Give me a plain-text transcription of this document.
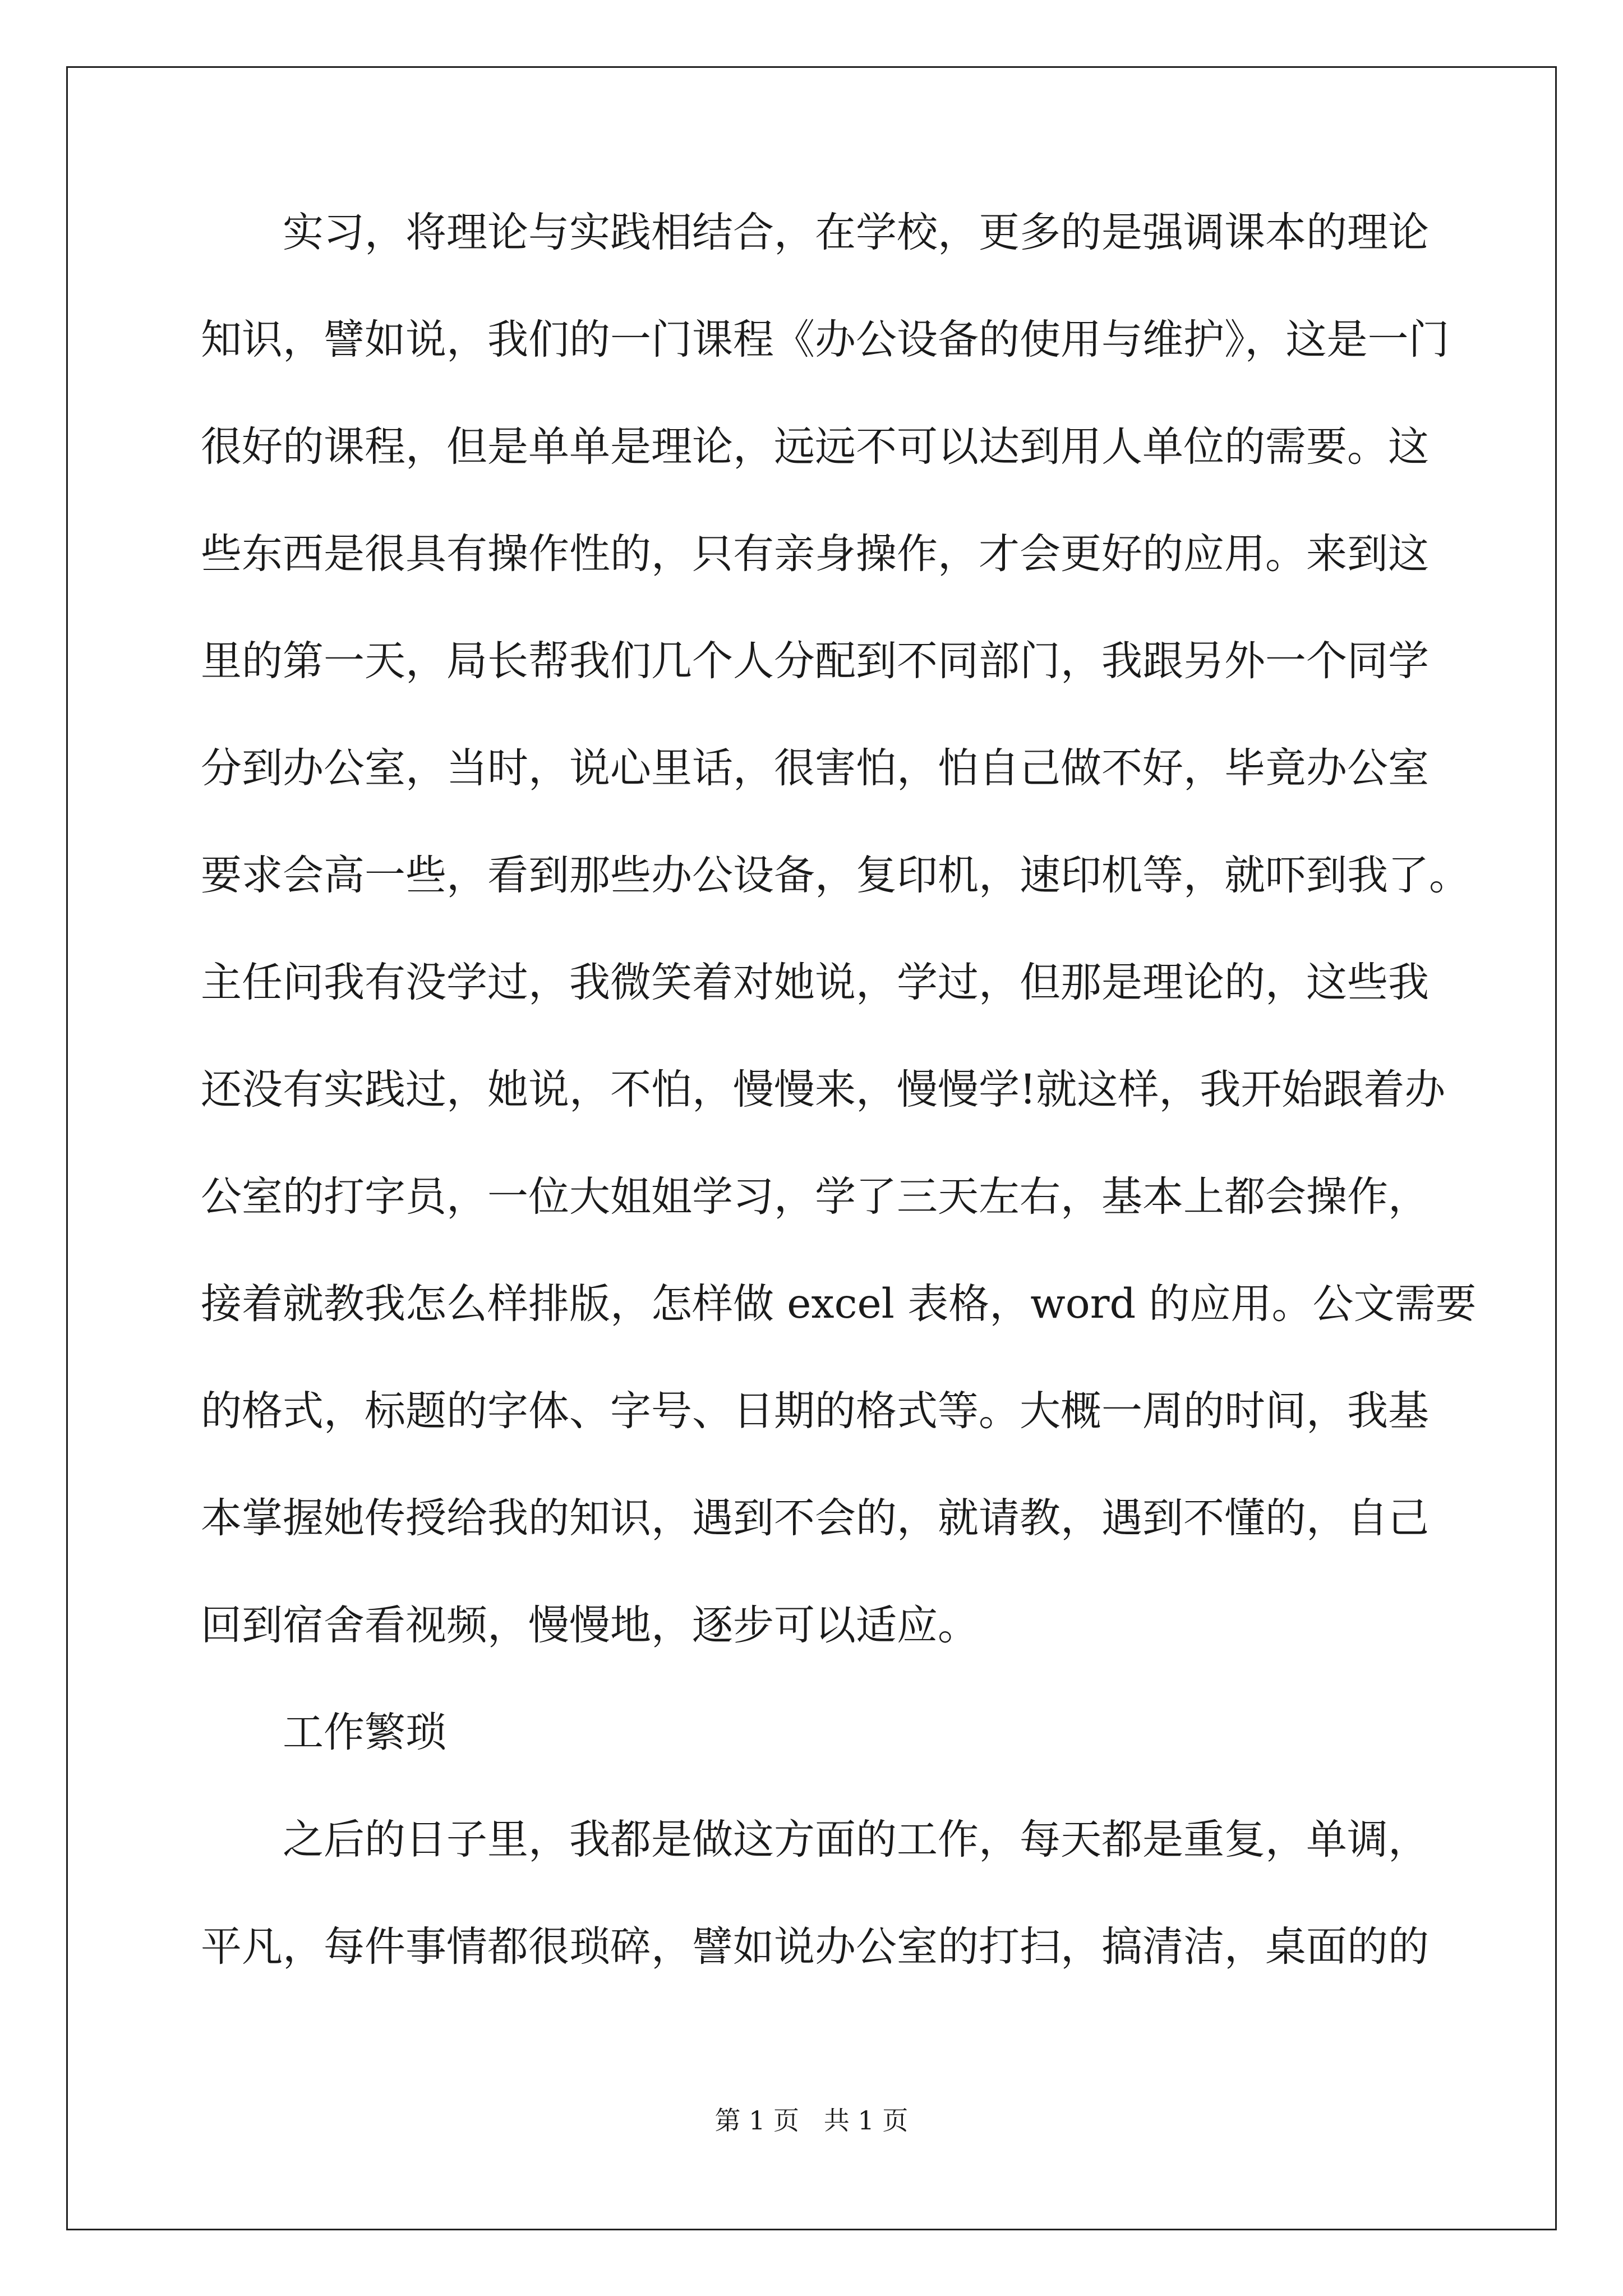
实习，将理论与实践相结合，在学校，更多的是强调课本的理论

知识，譬如说，我们的一门课程《办公设备的使用与维护》，这是一门

很好的课程，但是单单是理论，远远不可以达到用人单位的需要。这

些东西是很具有操作性的，只有亲身操作，才会更好的应用。来到这

里的第一天，局长帮我们几个人分配到不同部门，我跟另外一个同学

分到办公室，当时，说心里话，很害怕，怕自己做不好，毕竟办公室

要求会高一些，看到那些办公设备，复印机，速印机等，就吓到我了。

主任问我有没学过，我微笑着对她说，学过，但那是理论的，这些我

还没有实践过，她说，不怕，慢慢来，慢慢学!就这样，我开始跟着办

公室的打字员，一位大姐姐学习，学了三天左右，基本上都会操作，

接着就教我怎么样排版，怎样做 excel 表格，word 的应用。公文需要

的格式，标题的字体、字号、日期的格式等。大概一周的时间，我基

本掌握她传授给我的知识，遇到不会的，就请教，遇到不懂的，自己

回到宿舍看视频，慢慢地，逐步可以适应。

工作繁琐

之后的日子里，我都是做这方面的工作，每天都是重复，单调，

平凡，每件事情都很琐碎，譬如说办公室的打扫，搞清洁，桌面的的

第 1 页   共 1 页
